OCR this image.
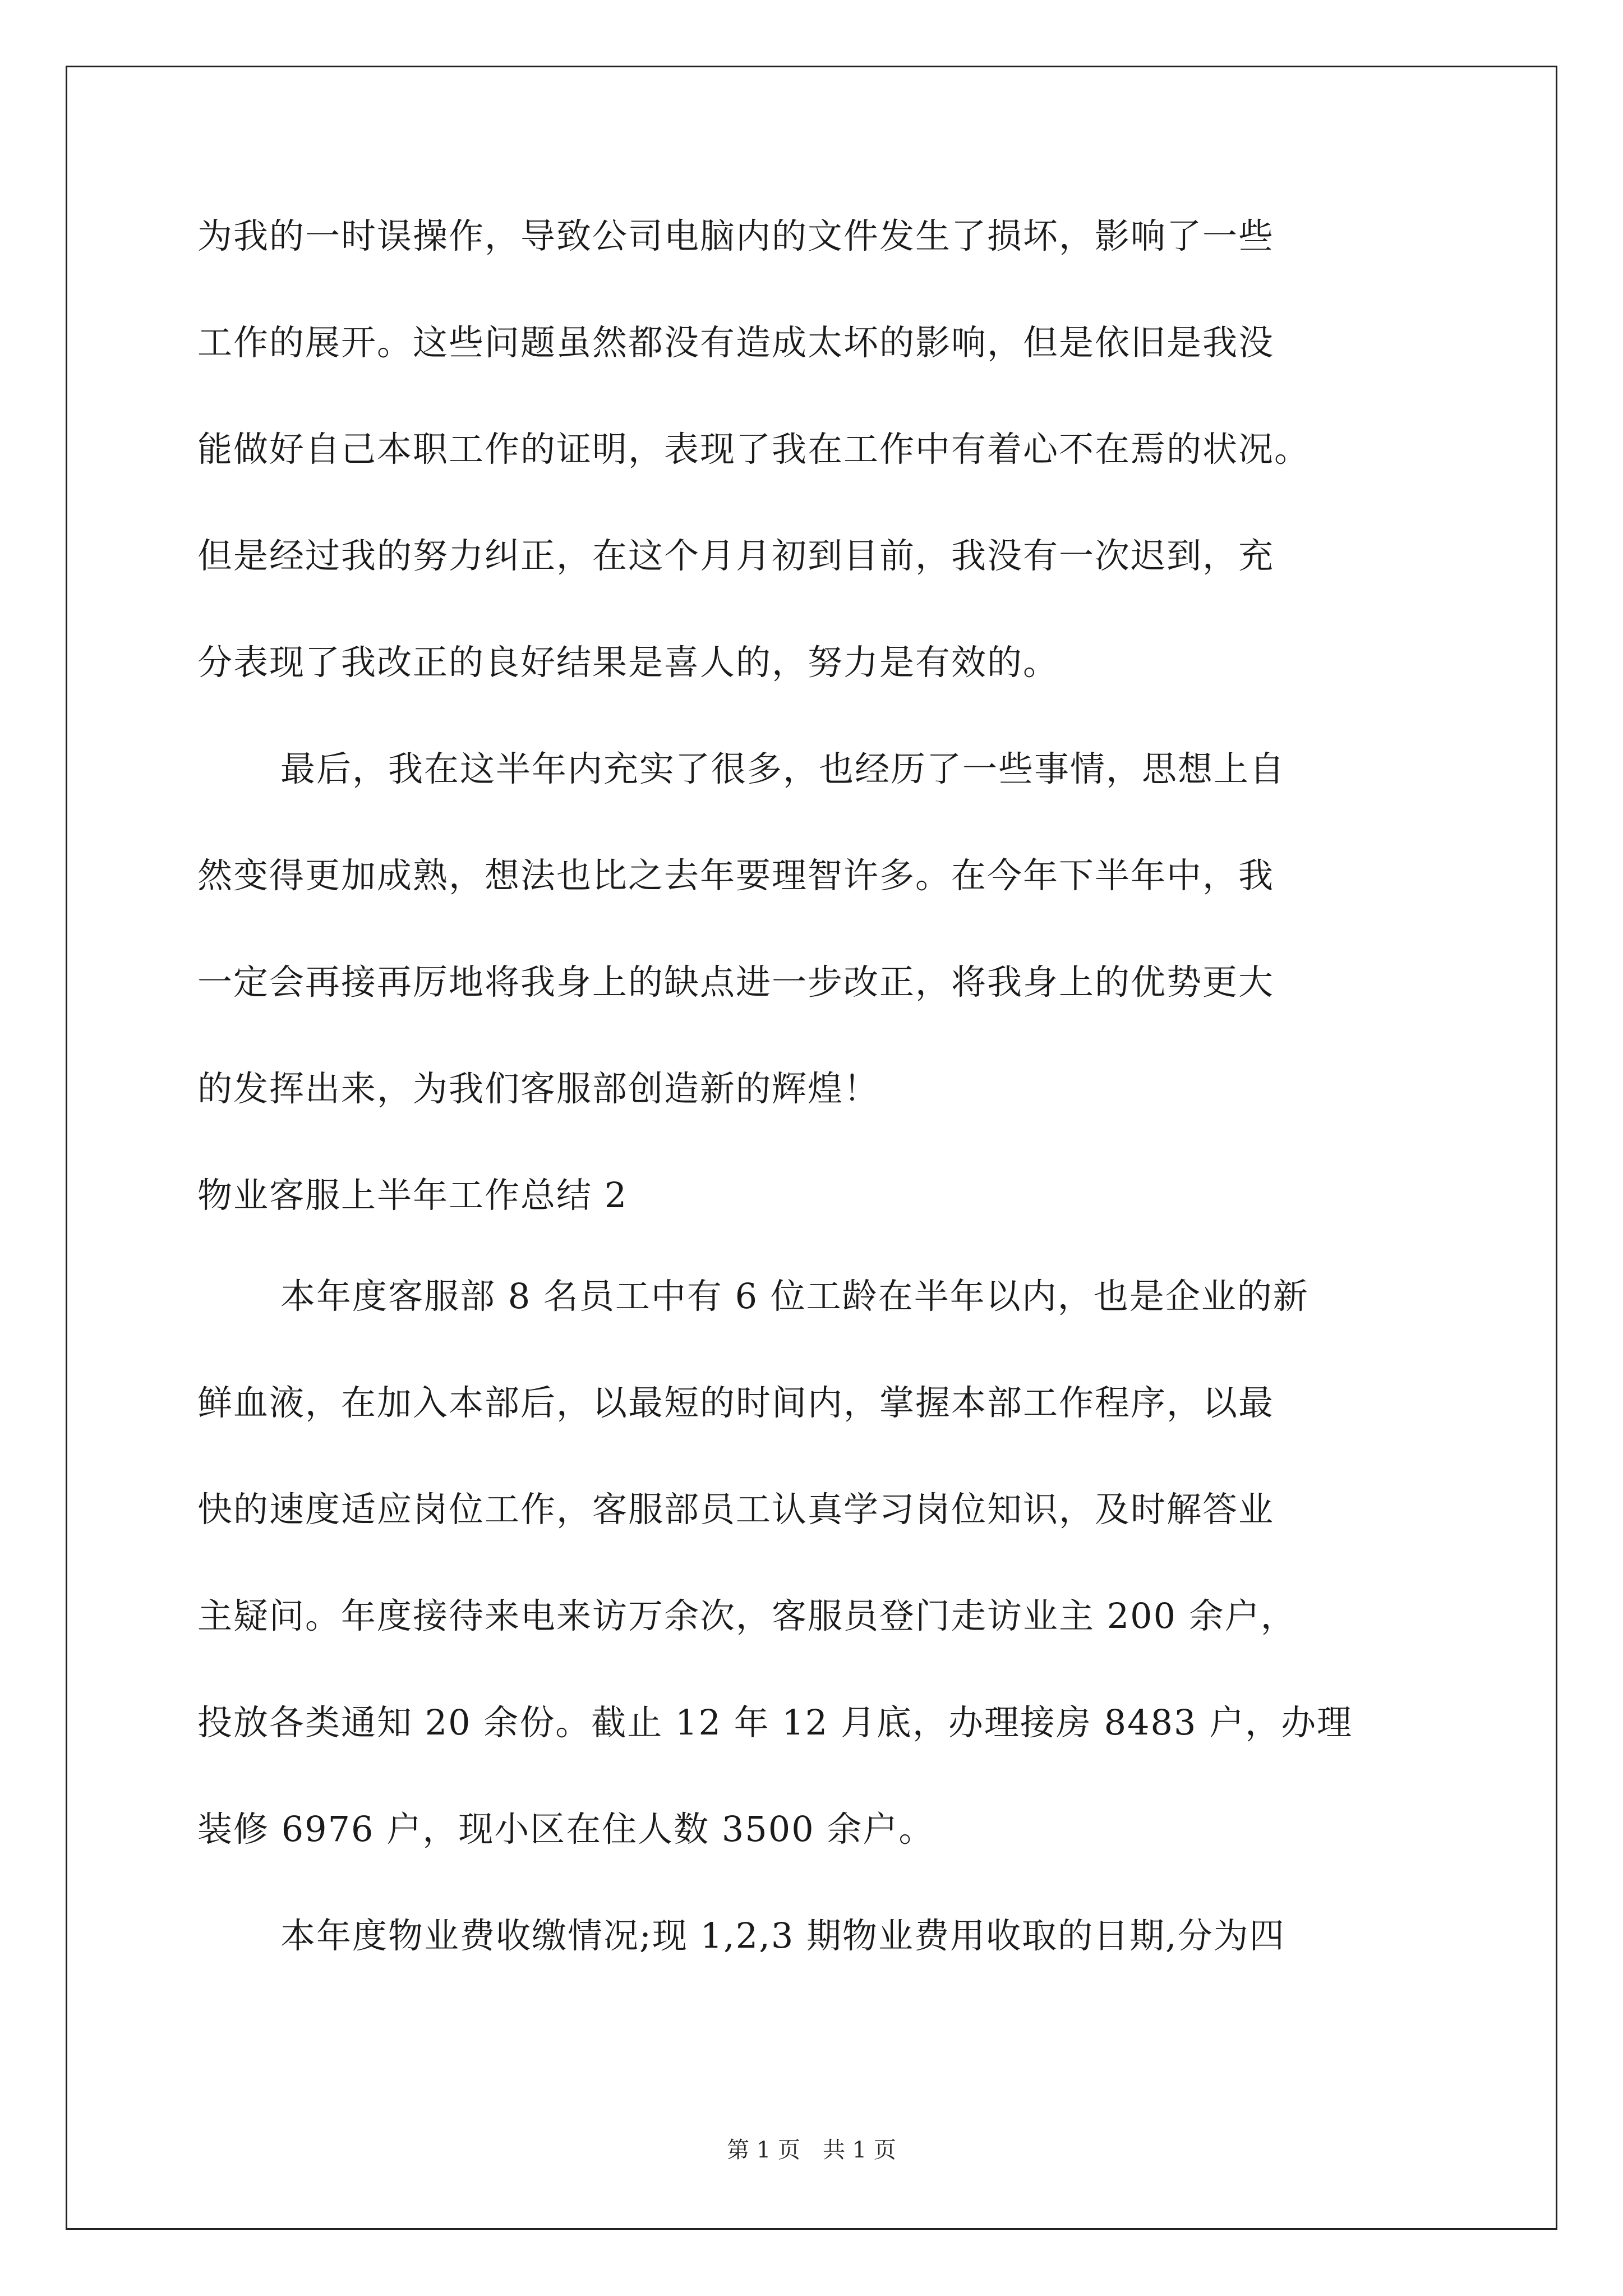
为我的一时误操作，导致公司电脑内的文件发生了损坏，影响了一些
工作的展开。这些问题虽然都没有造成太坏的影响，但是依旧是我没
能做好自己本职工作的证明，表现了我在工作中有着心不在焉的状况。
但是经过我的努力纠正，在这个月月初到目前，我没有一次迟到，充
分表现了我改正的良好结果是喜人的，努力是有效的。
最后，我在这半年内充实了很多，也经历了一些事情，思想上自
然变得更加成熟，想法也比之去年要理智许多。在今年下半年中，我
一定会再接再厉地将我身上的缺点进一步改正，将我身上的优势更大
的发挥出来，为我们客服部创造新的辉煌！
物业客服上半年工作总结 2
本年度客服部 8 名员工中有 6 位工龄在半年以内，也是企业的新
鲜血液，在加入本部后，以最短的时间内，掌握本部工作程序，以最
快的速度适应岗位工作，客服部员工认真学习岗位知识，及时解答业
主疑问。年度接待来电来访万余次，客服员登门走访业主 200 余户，
投放各类通知 20 余份。截止 12 年 12 月底，办理接房 8483 户，办理
装修 6976 户，现小区在住人数 3500 余户。
本年度物业费收缴情况;现 1,2,3 期物业费用收取的日期,分为四
第 1 页　共 1 页
